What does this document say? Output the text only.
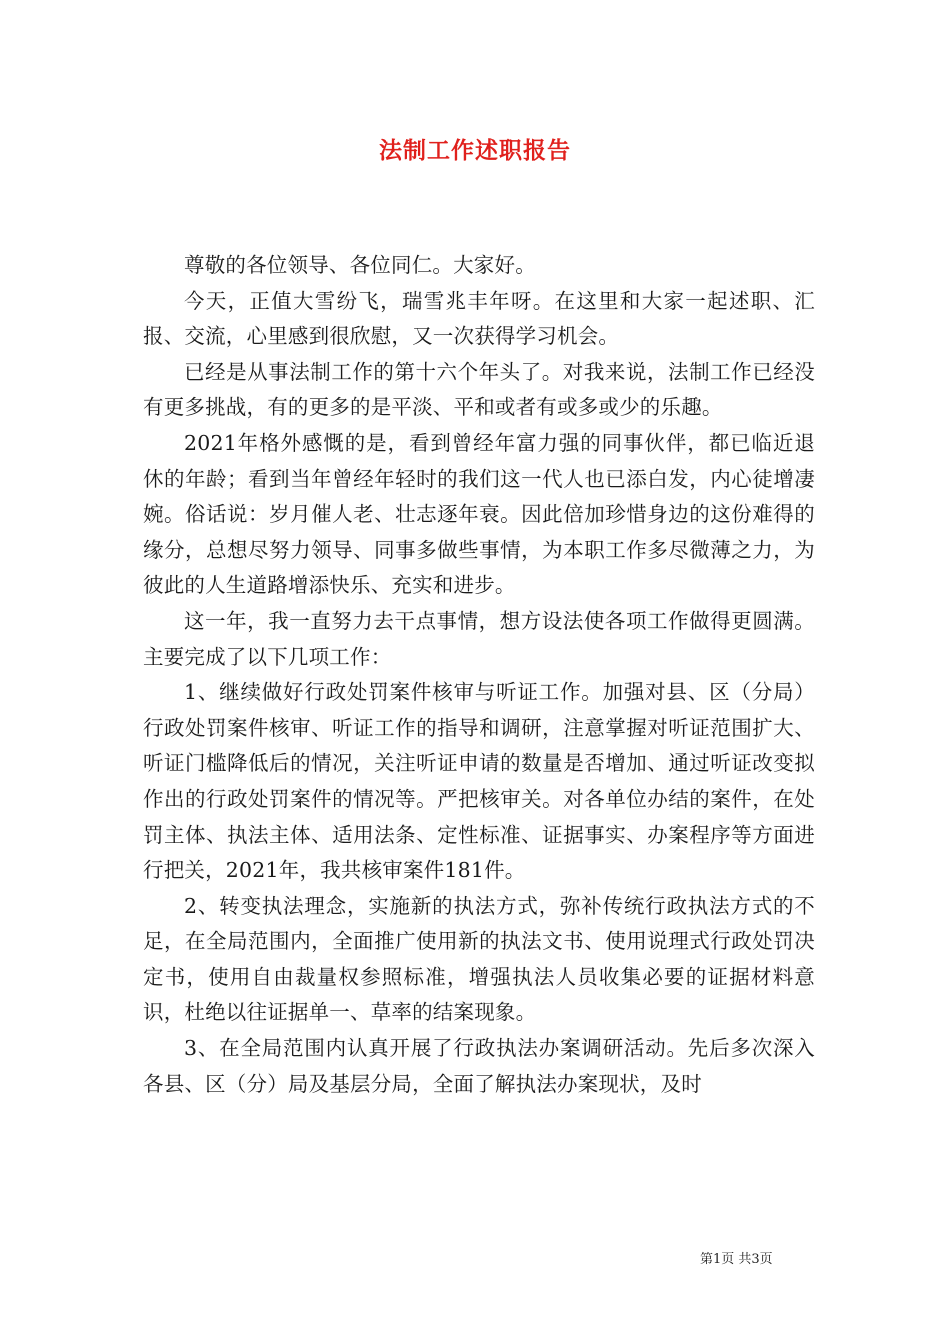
法制工作述职报告

尊敬的各位领导、各位同仁。大家好。

今天，正值大雪纷飞，瑞雪兆丰年呀。在这里和大家一起述职、汇报、交流，心里感到很欣慰，又一次获得学习机会。

已经是从事法制工作的第十六个年头了。对我来说，法制工作已经没有更多挑战，有的更多的是平淡、平和或者有或多或少的乐趣。

2021年格外感慨的是，看到曾经年富力强的同事伙伴，都已临近退休的年龄；看到当年曾经年轻时的我们这一代人也已添白发，内心徒增凄婉。俗话说：岁月催人老、壮志逐年衰。因此倍加珍惜身边的这份难得的缘分，总想尽努力领导、同事多做些事情，为本职工作多尽微薄之力，为彼此的人生道路增添快乐、充实和进步。

这一年，我一直努力去干点事情，想方设法使各项工作做得更圆满。主要完成了以下几项工作：

1、继续做好行政处罚案件核审与听证工作。加强对县、区（分局）行政处罚案件核审、听证工作的指导和调研，注意掌握对听证范围扩大、听证门槛降低后的情况，关注听证申请的数量是否增加、通过听证改变拟作出的行政处罚案件的情况等。严把核审关。对各单位办结的案件，在处罚主体、执法主体、适用法条、定性标准、证据事实、办案程序等方面进行把关，2021年，我共核审案件181件。

2、转变执法理念，实施新的执法方式，弥补传统行政执法方式的不足，在全局范围内，全面推广使用新的执法文书、使用说理式行政处罚决定书，使用自由裁量权参照标准，增强执法人员收集必要的证据材料意识，杜绝以往证据单一、草率的结案现象。

3、在全局范围内认真开展了行政执法办案调研活动。先后多次深入各县、区（分）局及基层分局，全面了解执法办案现状，及时

第1页 共3页
